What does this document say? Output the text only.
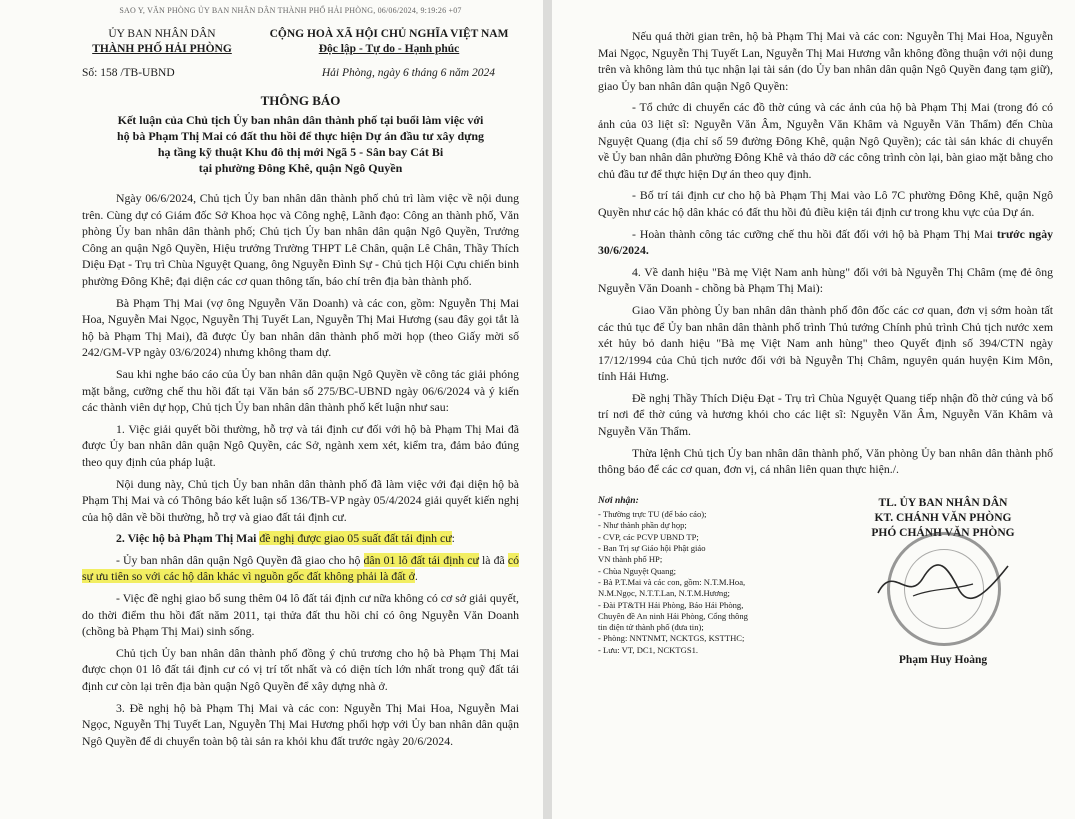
SAO Y, VĂN PHÒNG ỦY BAN NHÂN DÂN THÀNH PHỐ HẢI PHÒNG, 06/06/2024, 9:19:26 +07
ỦY BAN NHÂN DÂN
THÀNH PHỐ HẢI PHÒNG
CỘNG HOÀ XÃ HỘI CHỦ NGHĨA VIỆT NAM
Độc lập - Tự do - Hạnh phúc
Số: 158 /TB-UBND	Hải Phòng, ngày 6 tháng 6 năm 2024
THÔNG BÁO
Kết luận của Chủ tịch Ủy ban nhân dân thành phố tại buổi làm việc với
hộ bà Phạm Thị Mai có đất thu hồi để thực hiện Dự án đầu tư xây dựng
hạ tầng kỹ thuật Khu đô thị mới Ngã 5 - Sân bay Cát Bi
tại phường Đông Khê, quận Ngô Quyền

Ngày 06/6/2024, Chủ tịch Ủy ban nhân dân thành phố chủ trì làm việc về nội dung trên. Cùng dự có Giám đốc Sở Khoa học và Công nghệ, Lãnh đạo: Công an thành phố, Văn phòng Ủy ban nhân dân thành phố; Chủ tịch Ủy ban nhân dân quận Ngô Quyền, Trưởng Công an quận Ngô Quyền, Hiệu trưởng Trường THPT Lê Chân, quận Lê Chân, Thầy Thích Diệu Đạt - Trụ trì Chùa Nguyệt Quang, ông Nguyễn Đình Sự - Chủ tịch Hội Cựu chiến binh phường Đông Khê; đại diện các cơ quan thông tấn, báo chí trên địa bàn thành phố.

Bà Phạm Thị Mai (vợ ông Nguyễn Văn Doanh) và các con, gồm: Nguyễn Thị Mai Hoa, Nguyễn Mai Ngọc, Nguyễn Thị Tuyết Lan, Nguyễn Thị Mai Hương (sau đây gọi tắt là hộ bà Phạm Thị Mai), đã được Ủy ban nhân dân thành phố mời họp (theo Giấy mời số 242/GM-VP ngày 03/6/2024) nhưng không tham dự.

Sau khi nghe báo cáo của Ủy ban nhân dân quận Ngô Quyền về công tác giải phóng mặt bằng, cưỡng chế thu hồi đất tại Văn bản số 275/BC-UBND ngày 06/6/2024 và ý kiến các thành viên dự họp, Chủ tịch Ủy ban nhân dân thành phố kết luận như sau:

1. Việc giải quyết bồi thường, hỗ trợ và tái định cư đối với hộ bà Phạm Thị Mai đã được Ủy ban nhân dân quận Ngô Quyền, các Sở, ngành xem xét, kiểm tra, đảm bảo đúng theo quy định của pháp luật.

Nội dung này, Chủ tịch Ủy ban nhân dân thành phố đã làm việc với đại diện hộ bà Phạm Thị Mai và có Thông báo kết luận số 136/TB-VP ngày 05/4/2024 giải quyết kiến nghị của hộ dân về bồi thường, hỗ trợ và giao đất tái định cư.

2. Việc hộ bà Phạm Thị Mai đề nghị được giao 05 suất đất tái định cư:

- Ủy ban nhân dân quận Ngô Quyền đã giao cho hộ dân 01 lô đất tái định cư là đã có sự ưu tiên so với các hộ dân khác vì nguồn gốc đất không phải là đất ở.

- Việc đề nghị giao bổ sung thêm 04 lô đất tái định cư nữa không có cơ sở giải quyết, do thời điểm thu hồi đất năm 2011, tại thửa đất thu hồi chỉ có ông Nguyễn Văn Doanh (chồng bà Phạm Thị Mai) sinh sống.

Chủ tịch Ủy ban nhân dân thành phố đồng ý chủ trương cho hộ bà Phạm Thị Mai được chọn 01 lô đất tái định cư có vị trí tốt nhất và có diện tích lớn nhất trong quỹ đất tái định cư còn lại trên địa bàn quận Ngô Quyền để xây dựng nhà ở.

3. Đề nghị hộ bà Phạm Thị Mai và các con: Nguyễn Thị Mai Hoa, Nguyễn Mai Ngọc, Nguyễn Thị Tuyết Lan, Nguyễn Thị Mai Hương phối hợp với Ủy ban nhân dân quận Ngô Quyền để di chuyển toàn bộ tài sản ra khỏi khu đất trước ngày 20/6/2024.

Nếu quá thời gian trên, hộ bà Phạm Thị Mai và các con: Nguyễn Thị Mai Hoa, Nguyễn Mai Ngọc, Nguyễn Thị Tuyết Lan, Nguyễn Thị Mai Hương vẫn không đồng thuận với nội dung trên và không làm thủ tục nhận lại tài sản (do Ủy ban nhân dân quận Ngô Quyền đang tạm giữ), giao Ủy ban nhân dân quận Ngô Quyền:

- Tổ chức di chuyển các đồ thờ cúng và các ảnh của hộ bà Phạm Thị Mai (trong đó có ảnh của 03 liệt sĩ: Nguyễn Văn Âm, Nguyễn Văn Khâm và Nguyễn Văn Thẩm) đến Chùa Nguyệt Quang (địa chỉ số 59 đường Đông Khê, quận Ngô Quyền); các tài sản khác di chuyển về Ủy ban nhân dân phường Đông Khê và tháo dỡ các công trình còn lại, bàn giao mặt bằng cho chủ đầu tư để thực hiện Dự án theo quy định.

- Bố trí tái định cư cho hộ bà Phạm Thị Mai vào Lô 7C phường Đông Khê, quận Ngô Quyền như các hộ dân khác có đất thu hồi đủ điều kiện tái định cư trong khu vực của Dự án.

- Hoàn thành công tác cưỡng chế thu hồi đất đối với hộ bà Phạm Thị Mai trước ngày 30/6/2024.

4. Về danh hiệu "Bà mẹ Việt Nam anh hùng" đối với bà Nguyễn Thị Châm (mẹ đẻ ông Nguyễn Văn Doanh - chồng bà Phạm Thị Mai):

Giao Văn phòng Ủy ban nhân dân thành phố đôn đốc các cơ quan, đơn vị sớm hoàn tất các thủ tục để Ủy ban nhân dân thành phố trình Thủ tướng Chính phủ trình Chủ tịch nước xem xét hủy bỏ danh hiệu "Bà mẹ Việt Nam anh hùng" theo Quyết định số 394/CTN ngày 17/12/1994 của Chủ tịch nước đối với bà Nguyễn Thị Châm, nguyên quán huyện Kim Môn, tỉnh Hải Hưng.

Đề nghị Thầy Thích Diệu Đạt - Trụ trì Chùa Nguyệt Quang tiếp nhận đồ thờ cúng và bố trí nơi để thờ cúng và hương khói cho các liệt sĩ: Nguyễn Văn Âm, Nguyễn Văn Khâm và Nguyễn Văn Thẩm.

Thừa lệnh Chủ tịch Ủy ban nhân dân thành phố, Văn phòng Ủy ban nhân dân thành phố thông báo để các cơ quan, đơn vị, cá nhân liên quan thực hiện./.

Nơi nhận:
- Thường trực TU (để báo cáo);
- Như thành phần dự họp;
- CVP, các PCVP UBND TP;
- Ban Trị sự Giáo hội Phật giáo
VN thành phố HP;
- Chùa Nguyệt Quang;
- Bà P.T.Mai và các con, gồm: N.T.M.Hoa,
N.M.Ngọc, N.T.T.Lan, N.T.M.Hương;
- Đài PT&TH Hải Phòng, Báo Hải Phòng,
Chuyên đề An ninh Hải Phòng, Cổng thông
tin điện tử thành phố (đưa tin);
- Phòng: NNTNMT, NCKTGS, KSTTHC;
- Lưu: VT, DC1, NCKTGS1.
TL. ỦY BAN NHÂN DÂN
KT. CHÁNH VĂN PHÒNG
PHÓ CHÁNH VĂN PHÒNG
Phạm Huy Hoàng
